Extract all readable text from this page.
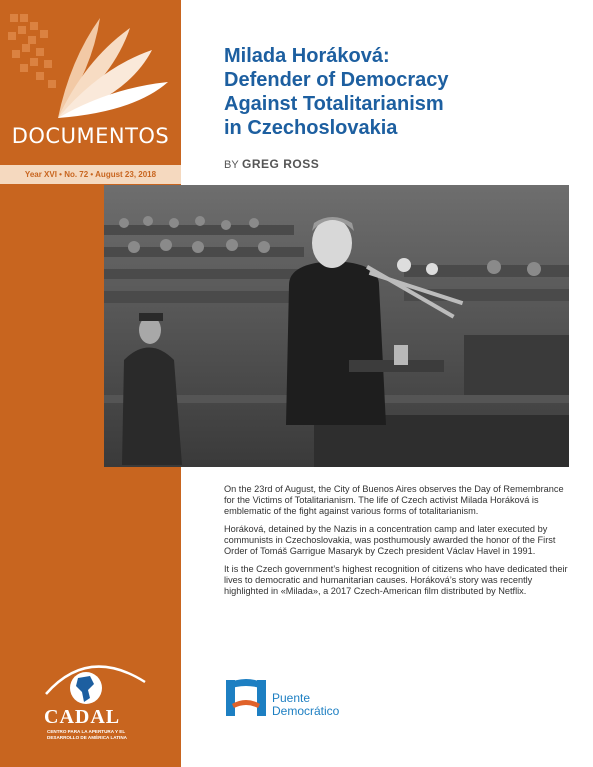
DOCUMENTOS
Year XVI • No. 72 • August 23, 2018
CADAL
CENTRO PARA LA APERTURA Y EL DESARROLLO DE AMÉRICA LATINA
Milada Horáková:
Defender of Democracy
Against Totalitarianism
in Czechoslovakia
BY GREG ROSS

On the 23rd of August, the City of Buenos Aires observes the Day of Remembrance for the Victims of Totalitarianism. The life of Czech activist Milada Horáková is emblematic of the fight against various forms of totalitarianism.

Horáková, detained by the Nazis in a concentration camp and later executed by communists in Czechoslovakia, was posthumously awarded the honor of the First Order of Tomáš Garrigue Masaryk by Czech president Václav Havel in 1991.

It is the Czech government’s highest recognition of citizens who have dedicated their lives to democratic and humanitarian causes. Horáková’s story was recently highlighted in «Milada», a 2017 Czech-American film distributed by Netflix.

Puente
Democrático
